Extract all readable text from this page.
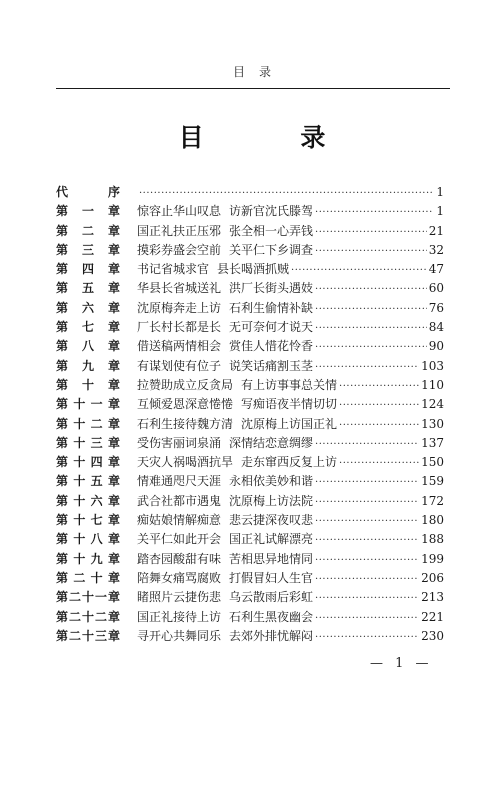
目录
目 录
代	序 ·····	1
第 一 章 惊容止华山叹息 访新官沈氏滕驾 ·····	1
第 二 章 国正礼扶正压邪 张全相一心弄钱 ·····	21
第 三 章 摸彩券盛会空前 关平仁下乡调查 ·····	32
第 四 章 书记省城求官 县长喝酒抓贼 ·····	47
第 五 章 华县长省城送礼 洪厂长街头遇妓 ·····	60
第 六 章 沈原梅奔走上访 石利生偷情补缺 ·····	76
第 七 章 厂长村长都是长 无可奈何才说天 ·····	84
第 八 章 借送稿两情相会 赏佳人惜花怜香 ·····	90
第 九 章 有谋划使有位子 说笑话痛割玉茎 ·····	103
第 十 章 拉赞助成立反贪局 有上访事事总关情 ·····	110
第 十 一 章 互倾爱恩深意惓惓 写痴语夜半情切切 ·····	124
第 十 二 章 石利生接待魏方清 沈原梅上访国正礼 ·····	130
第 十 三 章 受伤害丽词泉涌 深情结恋意绸缪 ·····	137
第 十 四 章 天灾人祸喝酒抗旱 走东窜西反复上访 ·····	150
第 十 五 章 情难通咫尺天涯 永相依美妙和谐 ·····	159
第 十 六 章 武合社都市遇鬼 沈原梅上访法院 ·····	172
第 十 七 章 痴姑娘情解痴意 悲云捷深夜叹悲 ·····	180
第 十 八 章 关平仁如此开会 国正礼试解漂亮 ·····	188
第 十 九 章 踏杏园酸甜有味 苦相思异地情同 ·····	199
第 二 十 章 陪舞女痛骂腐败 打假冒妇人生官 ·····	206
第 二 十 一 章 睹照片云捷伤悲 乌云散雨后彩虹 ·····	213
第 二 十 二 章 国正礼接待上访 石利生黑夜幽会 ·····	221
第 二 十 三 章 寻开心共舞同乐 去郊外排忧解闷 ·····	230
— 1 —
